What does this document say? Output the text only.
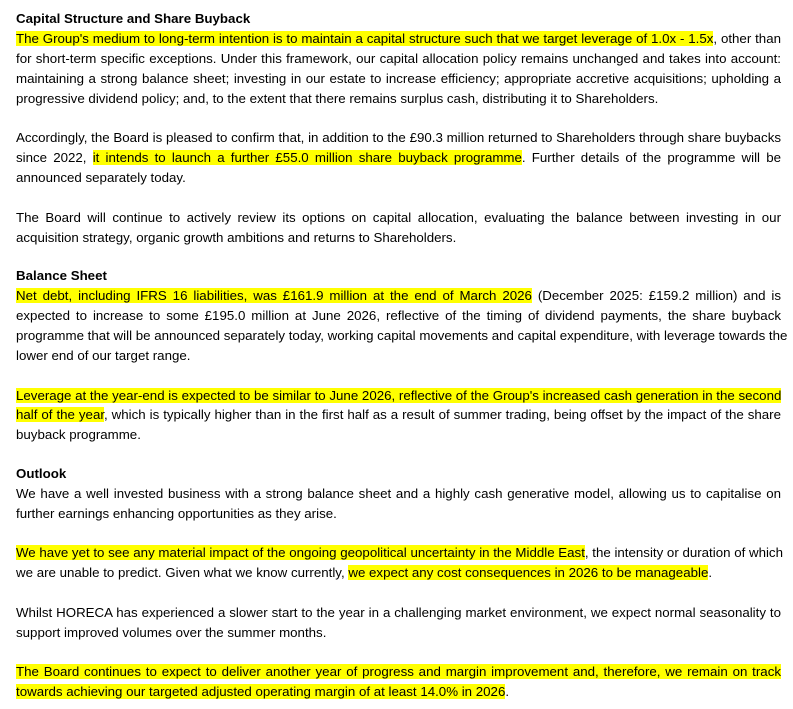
Capital Structure and Share Buyback
The Group's medium to long-term intention is to maintain a capital structure such that we target leverage of 1.0x - 1.5x, other than
for short-term specific exceptions. Under this framework, our capital allocation policy remains unchanged and takes into account:
maintaining a strong balance sheet; investing in our estate to increase efficiency; appropriate accretive acquisitions; upholding a
progressive dividend policy; and, to the extent that there remains surplus cash, distributing it to Shareholders.
Accordingly, the Board is pleased to confirm that, in addition to the £90.3 million returned to Shareholders through share buybacks
since 2022, it intends to launch a further £55.0 million share buyback programme. Further details of the programme will be
announced separately today.
The Board will continue to actively review its options on capital allocation, evaluating the balance between investing in our
acquisition strategy, organic growth ambitions and returns to Shareholders.
Balance Sheet
Net debt, including IFRS 16 liabilities, was £161.9 million at the end of March 2026 (December 2025: £159.2 million) and is
expected to increase to some £195.0 million at June 2026, reflective of the timing of dividend payments, the share buyback
programme that will be announced separately today, working capital movements and capital expenditure, with leverage towards the
lower end of our target range.
Leverage at the year-end is expected to be similar to June 2026, reflective of the Group's increased cash generation in the second
half of the year, which is typically higher than in the first half as a result of summer trading, being offset by the impact of the share
buyback programme.
Outlook
We have a well invested business with a strong balance sheet and a highly cash generative model, allowing us to capitalise on
further earnings enhancing opportunities as they arise.
We have yet to see any material impact of the ongoing geopolitical uncertainty in the Middle East, the intensity or duration of which
we are unable to predict. Given what we know currently, we expect any cost consequences in 2026 to be manageable.
Whilst HORECA has experienced a slower start to the year in a challenging market environment, we expect normal seasonality to
support improved volumes over the summer months.
The Board continues to expect to deliver another year of progress and margin improvement and, therefore, we remain on track
towards achieving our targeted adjusted operating margin of at least 14.0% in 2026.
